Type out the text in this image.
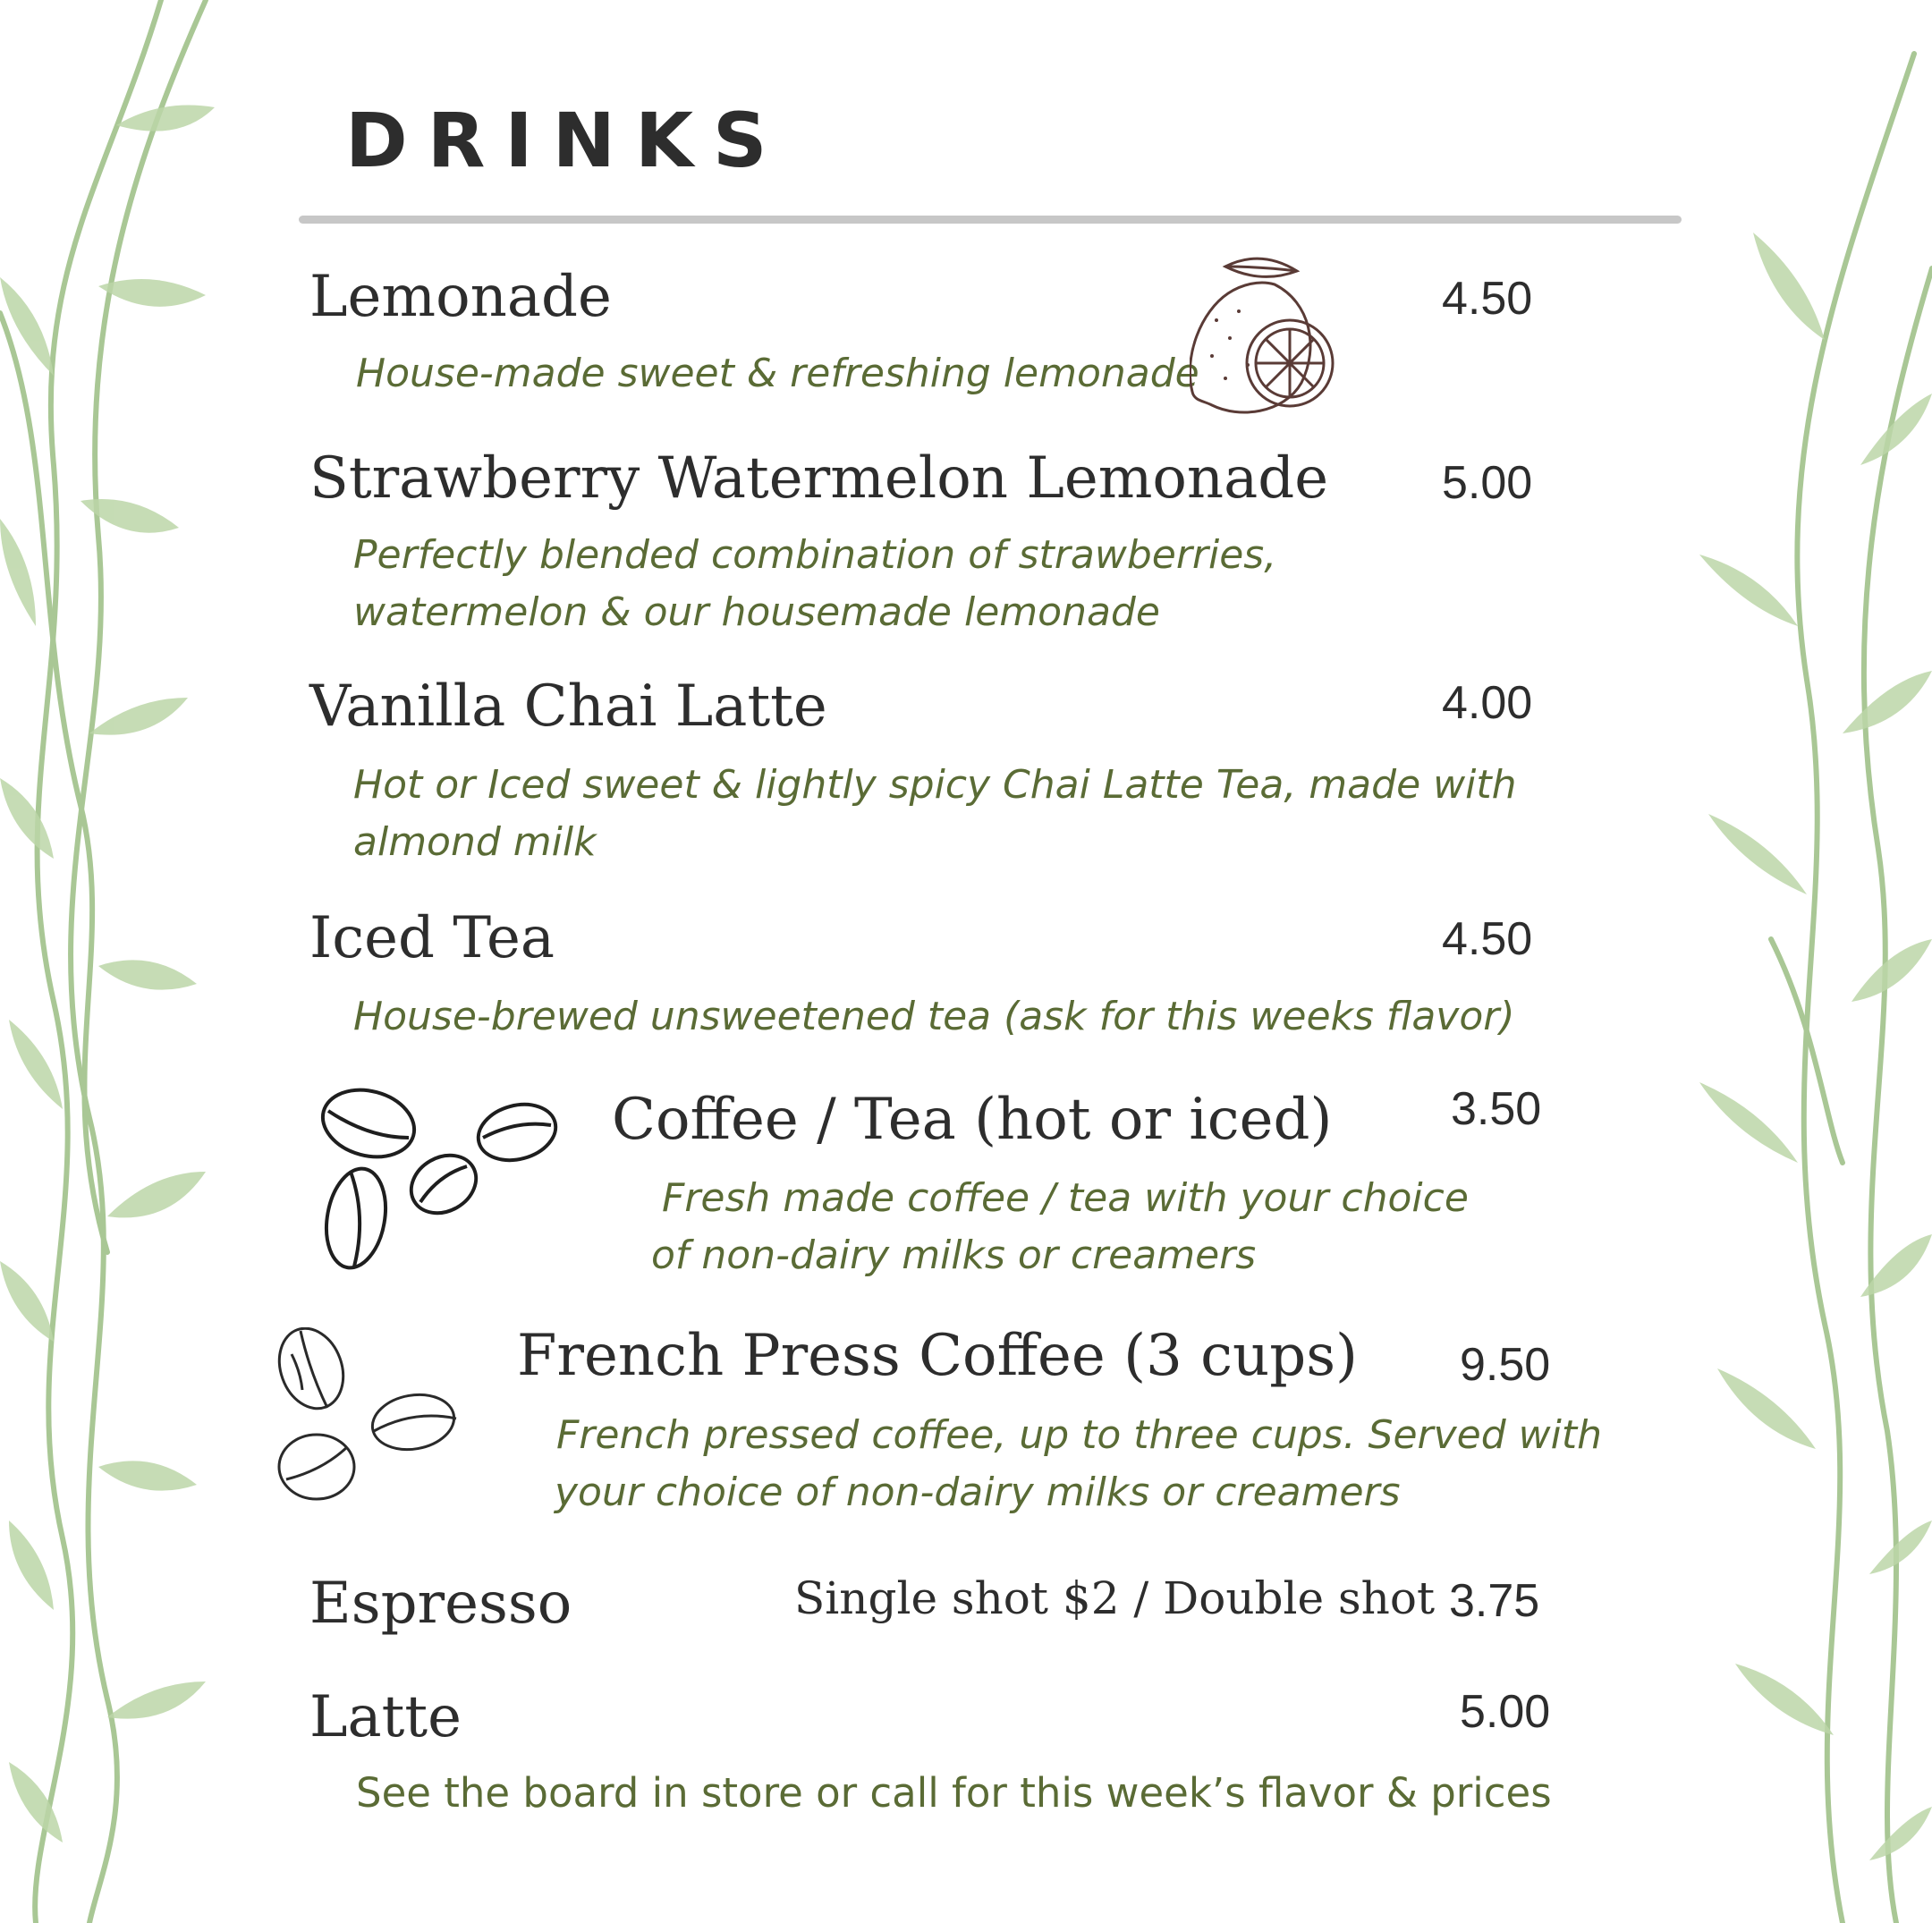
DRINKS
Lemonade	4.50
House-made sweet & refreshing lemonade
Strawberry Watermelon Lemonade 5.00
Perfectly blended combination of strawberries,
watermelon & our housemade lemonade
Vanilla Chai Latte	4.00
Hot or Iced sweet & lightly spicy Chai Latte Tea, made with
almond milk
Iced Tea	4.50
House-brewed unsweetened tea (ask for this weeks flavor)
Coffee / Tea (hot or iced)	3.50
Fresh made coffee / tea with your choice
of non-dairy milks or creamers
French Press Coffee (3 cups) 9.50
French pressed coffee, up to three cups. Served with
your choice of non-dairy milks or creamers
Espresso	Single shot $2 / Double shot 3.75
Latte	5.00
See the board in store or call for this week’s flavor & prices
